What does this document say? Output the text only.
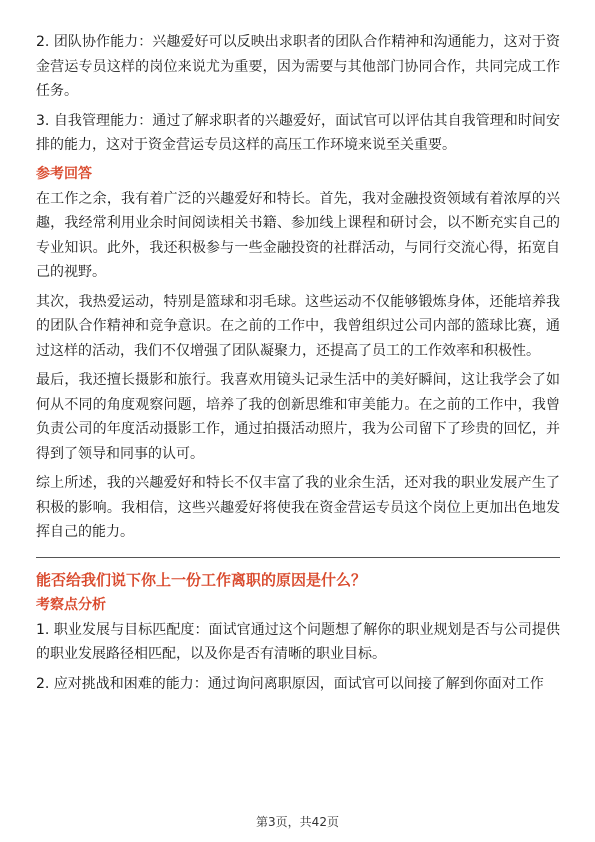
2. 团队协作能力：兴趣爱好可以反映出求职者的团队合作精神和沟通能力，这对于资金营运专员这样的岗位来说尤为重要，因为需要与其他部门协同合作，共同完成工作任务。

3. 自我管理能力：通过了解求职者的兴趣爱好，面试官可以评估其自我管理和时间安排的能力，这对于资金营运专员这样的高压工作环境来说至关重要。

参考回答

在工作之余，我有着广泛的兴趣爱好和特长。首先，我对金融投资领域有着浓厚的兴趣，我经常利用业余时间阅读相关书籍、参加线上课程和研讨会，以不断充实自己的专业知识。此外，我还积极参与一些金融投资的社群活动，与同行交流心得，拓宽自己的视野。

其次，我热爱运动，特别是篮球和羽毛球。这些运动不仅能够锻炼身体，还能培养我的团队合作精神和竞争意识。在之前的工作中，我曾组织过公司内部的篮球比赛，通过这样的活动，我们不仅增强了团队凝聚力，还提高了员工的工作效率和积极性。

最后，我还擅长摄影和旅行。我喜欢用镜头记录生活中的美好瞬间，这让我学会了如何从不同的角度观察问题，培养了我的创新思维和审美能力。在之前的工作中，我曾负责公司的年度活动摄影工作，通过拍摄活动照片，我为公司留下了珍贵的回忆，并得到了领导和同事的认可。

综上所述，我的兴趣爱好和特长不仅丰富了我的业余生活，还对我的职业发展产生了积极的影响。我相信，这些兴趣爱好将使我在资金营运专员这个岗位上更加出色地发挥自己的能力。

能否给我们说下你上一份工作离职的原因是什么？
考察点分析

1. 职业发展与目标匹配度：面试官通过这个问题想了解你的职业规划是否与公司提供的职业发展路径相匹配，以及你是否有清晰的职业目标。

2. 应对挑战和困难的能力：通过询问离职原因，面试官可以间接了解到你面对工作

第3页，共42页
